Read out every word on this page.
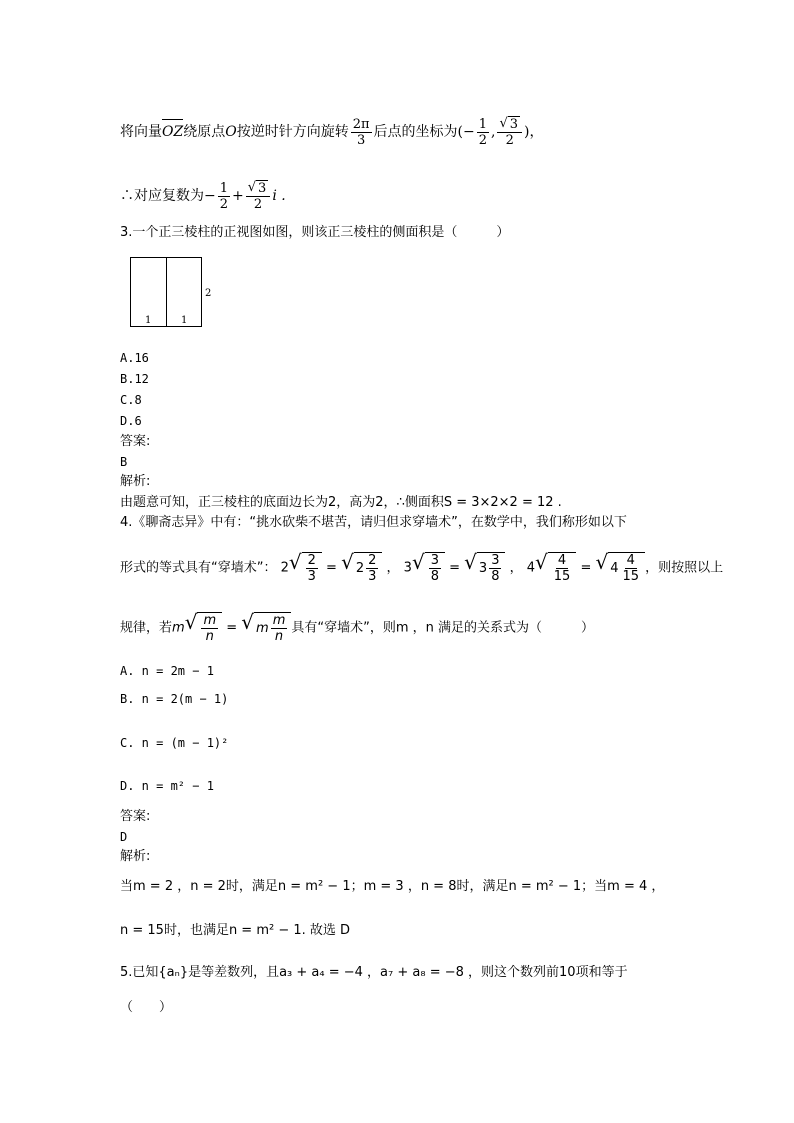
将向量OZ绕原点O按逆时针方向旋转 $\frac{2\pi}{3}$ 后点的坐标为(− $\frac{1}{2}$ , $\frac{√ 3}{2}$ )，
∴对应复数为− $\frac{1}{2} + \frac{√ 3}{2}$ i .
3.一个正三棱柱的正视图如图，则该正三棱柱的侧面积是（　　　）
1	1
2
A.16
B.12
C.8
D.6
答案:
B
解析:
由题意可知，正三棱柱的底面边长为2，高为2，∴侧面积S = 3×2×2 = 12 .
4.《聊斋志异》中有：“挑水砍柴不堪苦，请归但求穿墙术”，在数学中，我们称形如以下
形式的等式具有“穿墙术”： 2 √ $\frac{2}{3}$ = √ $2 \frac{2}{3}$ ， 3 √ $\frac{3}{8}$ = √ $3 \frac{3}{8}$ ， 4 √ $\frac{4}{15}$ = √ $4 \frac{4}{15}$ ，则按照以上
规律，若m √ $\frac{m}{n}$ = √ m $\frac{m}{n}$ 具有“穿墙术”，则m ，n 满足的关系式为（　　　）
A. n = 2m − 1
B. n = 2(m − 1)
C. n = (m − 1)²
D. n = m² − 1
答案:
D
解析:
当m = 2 ，n = 2时，满足n = m² − 1；m = 3 ，n = 8时，满足n = m² − 1；当m = 4 ，
n = 15时，也满足n = m² − 1. 故选 D
5.已知{aₙ}是等差数列，且a₃ + a₄ = −4 ，a₇ + a₈ = −8 ，则这个数列前10项和等于
（　　）
